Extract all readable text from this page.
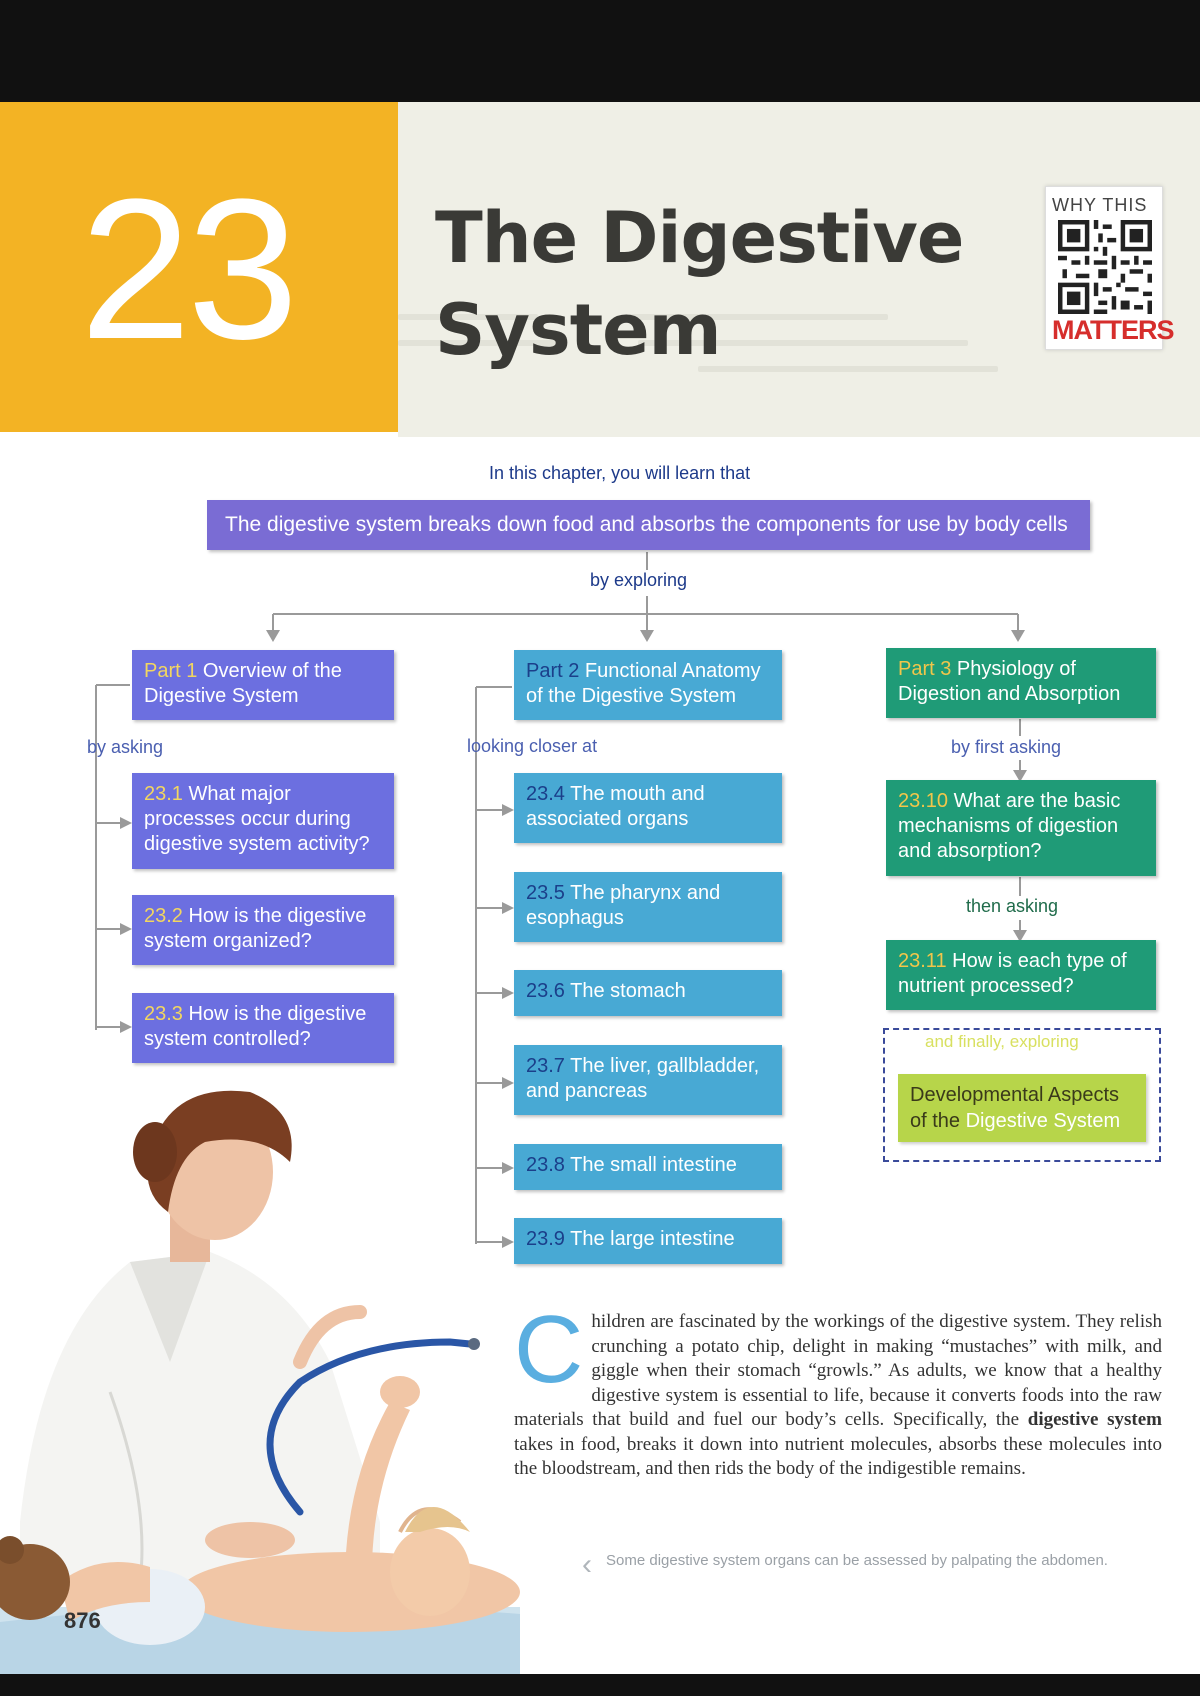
23 The Digestive
System
WHY THIS
MATTERS
In this chapter, you will learn that
The digestive system breaks down food and absorbs the components for use by body cells
by exploring
Part 1 Overview of the Digestive System
by asking
23.1 What major processes occur during digestive system activity?
23.2 How is the digestive system organized?
23.3 How is the digestive system controlled?
Part 2 Functional Anatomy of the Digestive System
looking closer at
23.4 The mouth and associated organs
23.5 The pharynx and esophagus
23.6 The stomach
23.7 The liver, gallbladder, and pancreas
23.8 The small intestine
23.9 The large intestine
Part 3 Physiology of Digestion and Absorption
by first asking
23.10 What are the basic mechanisms of digestion and absorption?
then asking
23.11 How is each type of nutrient processed?
and finally, exploring
Developmental Aspects of the Digestive System
Children are fascinated by the workings of the digestive system. They relish crunching a potato chip, delight in making “mustaches” with milk, and giggle when their stomach “growls.” As adults, we know that a healthy digestive system is essential to life, because it converts foods into the raw materials that build and fuel our body’s cells. Specifically, the digestive system takes in food, breaks it down into nutrient molecules, absorbs these molecules into the bloodstream, and then rids the body of the indigestible remains.
‹ Some digestive system organs can be assessed by palpating the abdomen.
876
